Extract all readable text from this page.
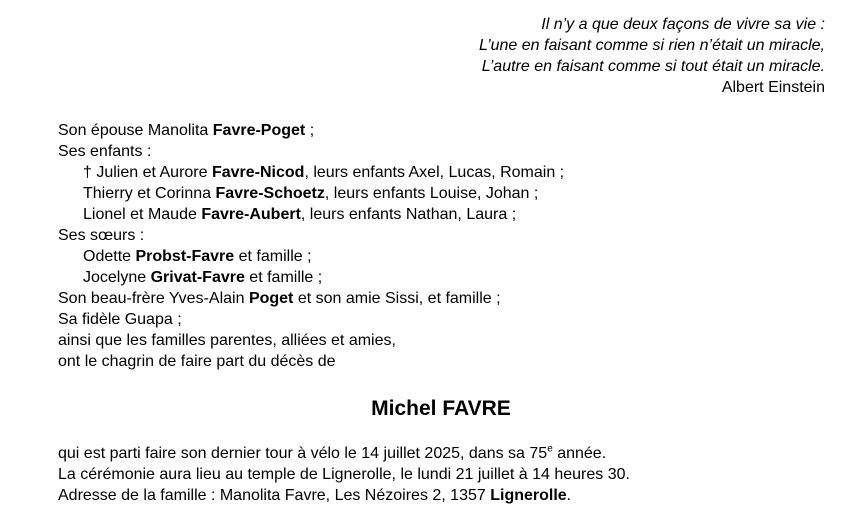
Il n’y a que deux façons de vivre sa vie :
L’une en faisant comme si rien n’était un miracle,
L’autre en faisant comme si tout était un miracle.
Albert Einstein
Son épouse Manolita Favre-Poget ;
Ses enfants :
† Julien et Aurore Favre-Nicod, leurs enfants Axel, Lucas, Romain ;
Thierry et Corinna Favre-Schoetz, leurs enfants Louise, Johan ;
Lionel et Maude Favre-Aubert, leurs enfants Nathan, Laura ;
Ses sœurs :
Odette Probst-Favre et famille ;
Jocelyne Grivat-Favre et famille ;
Son beau-frère Yves-Alain Poget et son amie Sissi, et famille ;
Sa fidèle Guapa ;
ainsi que les familles parentes, alliées et amies,
ont le chagrin de faire part du décès de
Michel FAVRE
qui est parti faire son dernier tour à vélo le 14 juillet 2025, dans sa 75e année.
La cérémonie aura lieu au temple de Lignerolle, le lundi 21 juillet à 14 heures 30.
Adresse de la famille : Manolita Favre, Les Nézoires 2, 1357 Lignerolle.
